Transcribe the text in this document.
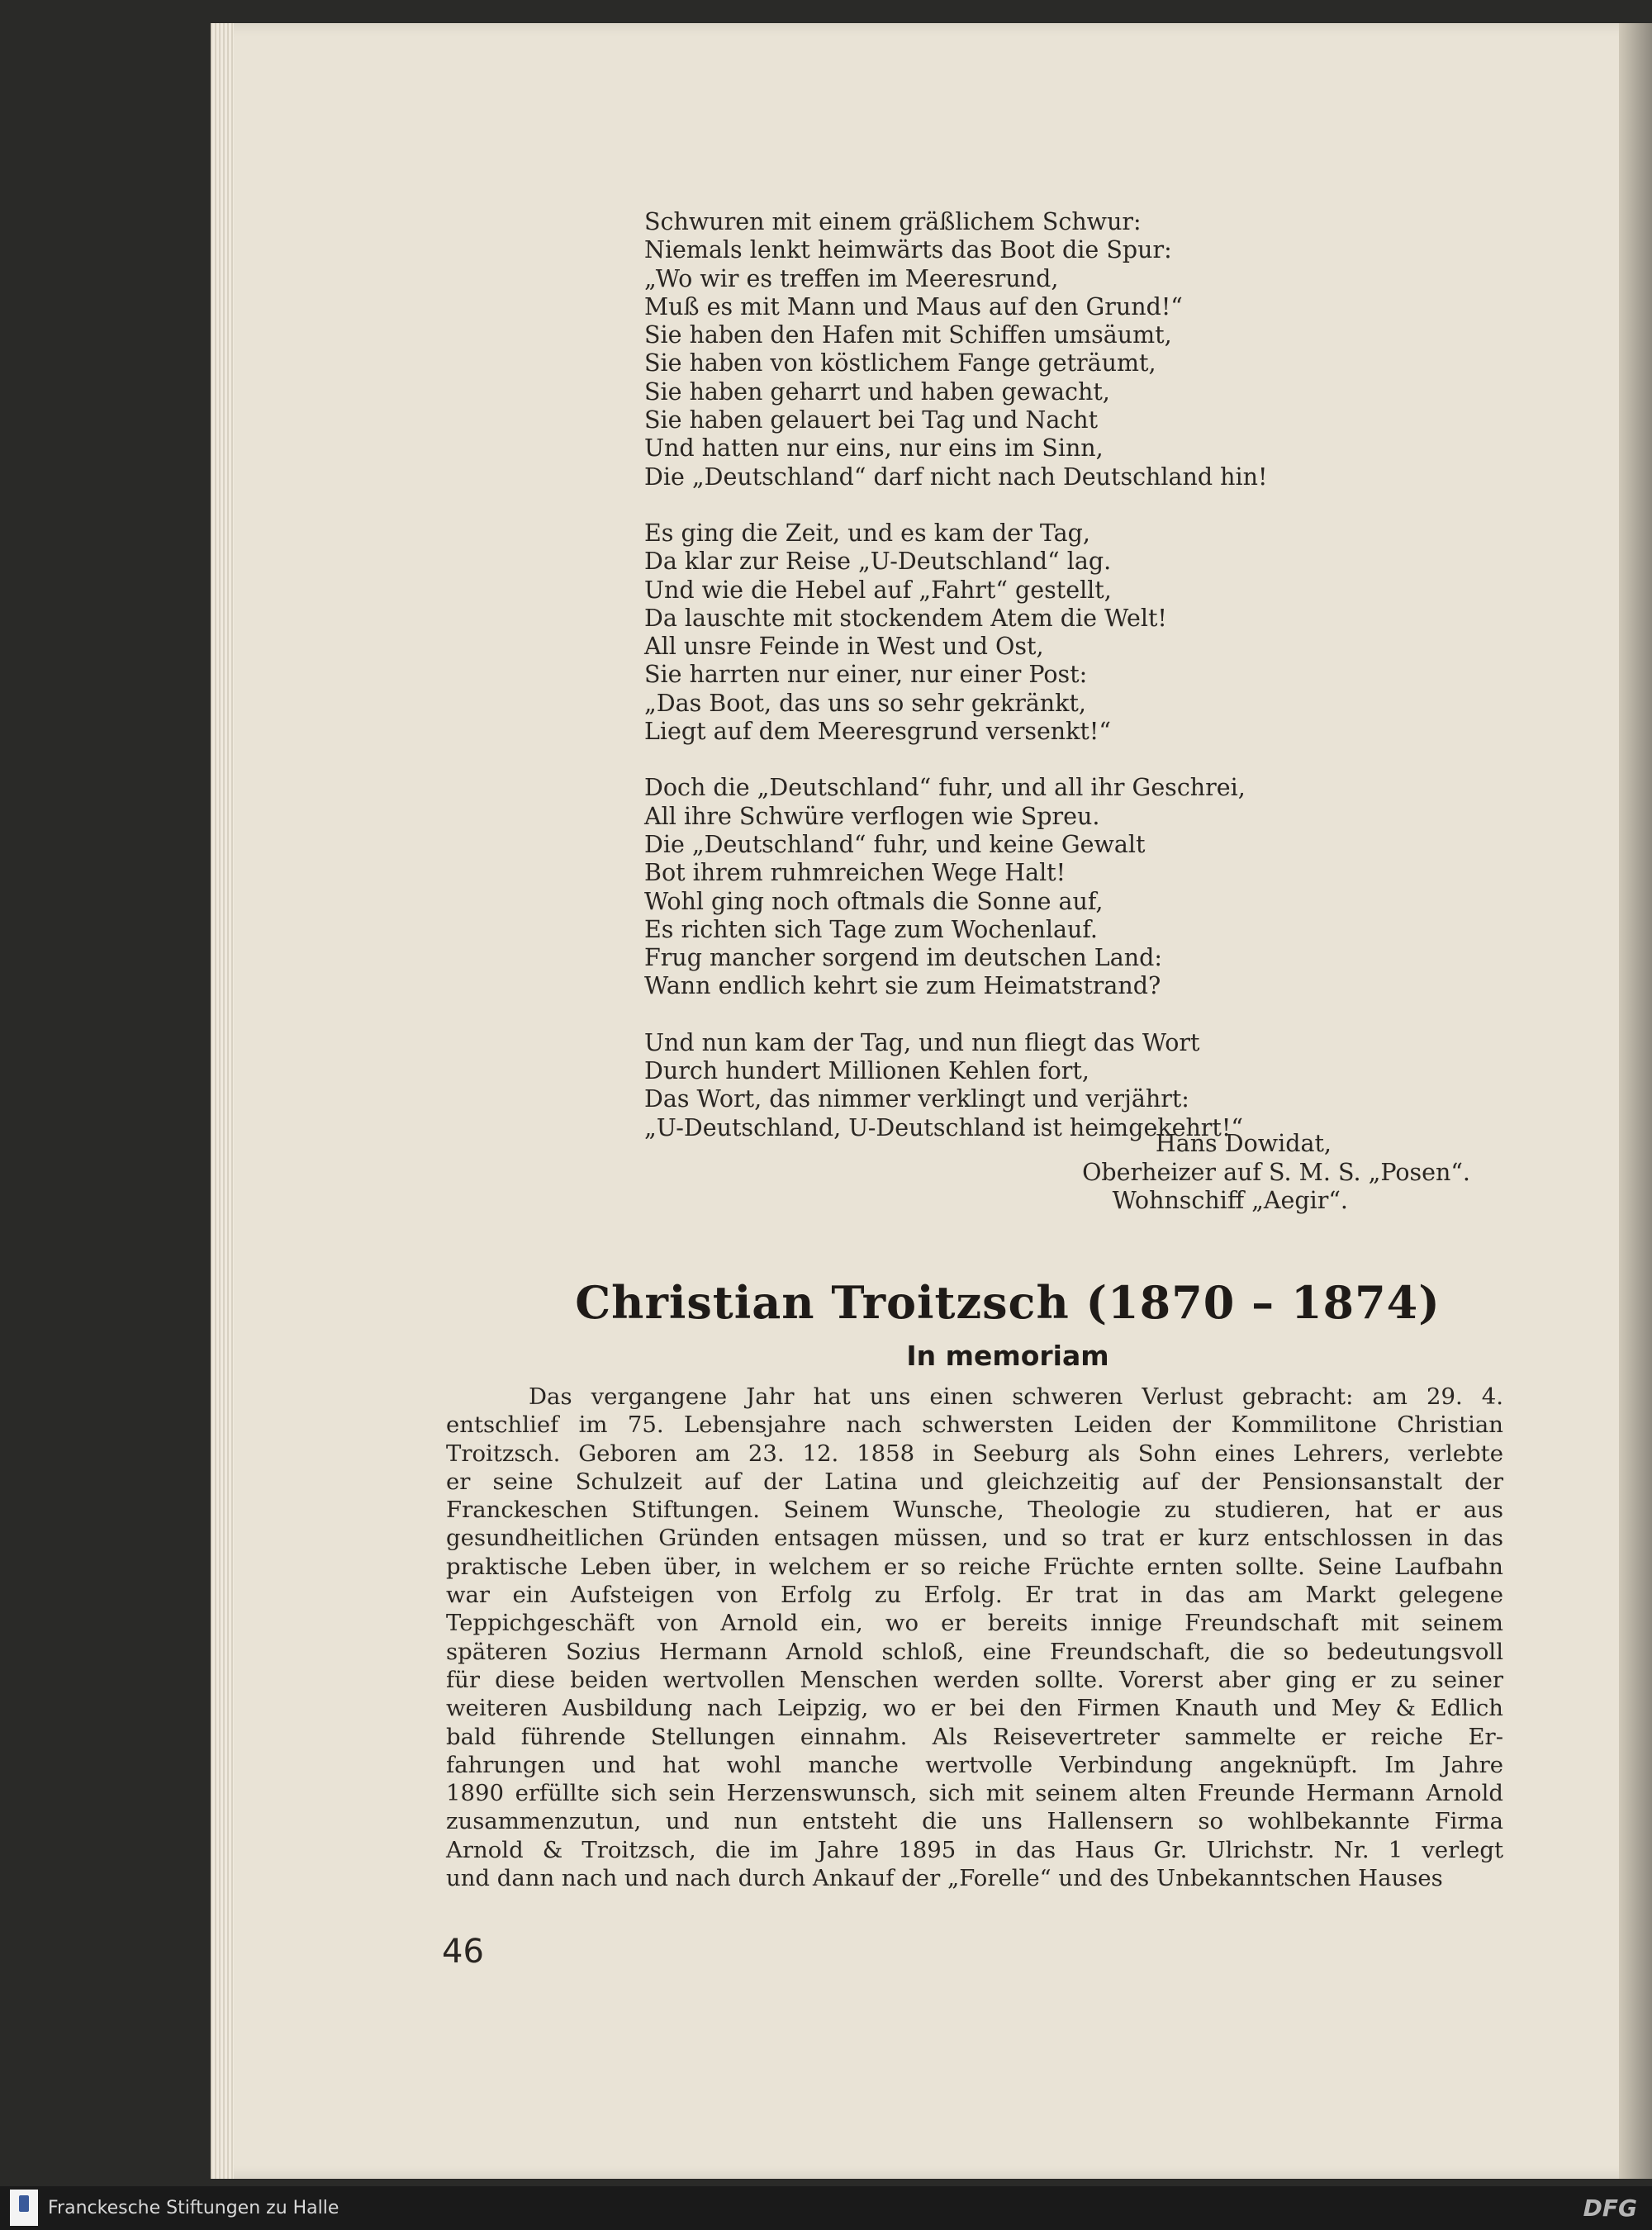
Schwuren mit einem gräßlichem Schwur:
Niemals lenkt heimwärts das Boot die Spur:
„Wo wir es treffen im Meeresrund,
Muß es mit Mann und Maus auf den Grund!“
Sie haben den Hafen mit Schiffen umsäumt,
Sie haben von köstlichem Fange geträumt,
Sie haben geharrt und haben gewacht,
Sie haben gelauert bei Tag und Nacht
Und hatten nur eins, nur eins im Sinn,
Die „Deutschland“ darf nicht nach Deutschland hin!
Es ging die Zeit, und es kam der Tag,
Da klar zur Reise „U-Deutschland“ lag.
Und wie die Hebel auf „Fahrt“ gestellt,
Da lauschte mit stockendem Atem die Welt!
All unsre Feinde in West und Ost,
Sie harrten nur einer, nur einer Post:
„Das Boot, das uns so sehr gekränkt,
Liegt auf dem Meeresgrund versenkt!“
Doch die „Deutschland“ fuhr, und all ihr Geschrei,
All ihre Schwüre verflogen wie Spreu.
Die „Deutschland“ fuhr, und keine Gewalt
Bot ihrem ruhmreichen Wege Halt!
Wohl ging noch oftmals die Sonne auf,
Es richten sich Tage zum Wochenlauf.
Frug mancher sorgend im deutschen Land:
Wann endlich kehrt sie zum Heimatstrand?
Und nun kam der Tag, und nun fliegt das Wort
Durch hundert Millionen Kehlen fort,
Das Wort, das nimmer verklingt und verjährt:
„U-Deutschland, U-Deutschland ist heimgekehrt!“
Hans Dowidat,
Oberheizer auf S. M. S. „Posen“.
Wohnschiff „Aegir“.
Christian Troitzsch (1870 – 1874)
In memoriam
Das vergangene Jahr hat uns einen schweren Verlust gebracht: am 29. 4.
entschlief im 75. Lebensjahre nach schwersten Leiden der Kommilitone Christian
Troitzsch. Geboren am 23. 12. 1858 in Seeburg als Sohn eines Lehrers, verlebte
er seine Schulzeit auf der Latina und gleichzeitig auf der Pensionsanstalt der
Franckeschen Stiftungen. Seinem Wunsche, Theologie zu studieren, hat er aus
gesundheitlichen Gründen entsagen müssen, und so trat er kurz entschlossen in das
praktische Leben über, in welchem er so reiche Früchte ernten sollte. Seine Laufbahn
war ein Aufsteigen von Erfolg zu Erfolg. Er trat in das am Markt gelegene
Teppichgeschäft von Arnold ein, wo er bereits innige Freundschaft mit seinem
späteren Sozius Hermann Arnold schloß, eine Freundschaft, die so bedeutungsvoll
für diese beiden wertvollen Menschen werden sollte. Vorerst aber ging er zu seiner
weiteren Ausbildung nach Leipzig, wo er bei den Firmen Knauth und Mey & Edlich
bald führende Stellungen einnahm. Als Reisevertreter sammelte er reiche Er-
fahrungen und hat wohl manche wertvolle Verbindung angeknüpft. Im Jahre
1890 erfüllte sich sein Herzenswunsch, sich mit seinem alten Freunde Hermann Arnold
zusammenzutun, und nun entsteht die uns Hallensern so wohlbekannte Firma
Arnold & Troitzsch, die im Jahre 1895 in das Haus Gr. Ulrichstr. Nr. 1 verlegt
und dann nach und nach durch Ankauf der „Forelle“ und des Unbekanntschen Hauses
46
Franckesche Stiftungen zu Halle	DFG
